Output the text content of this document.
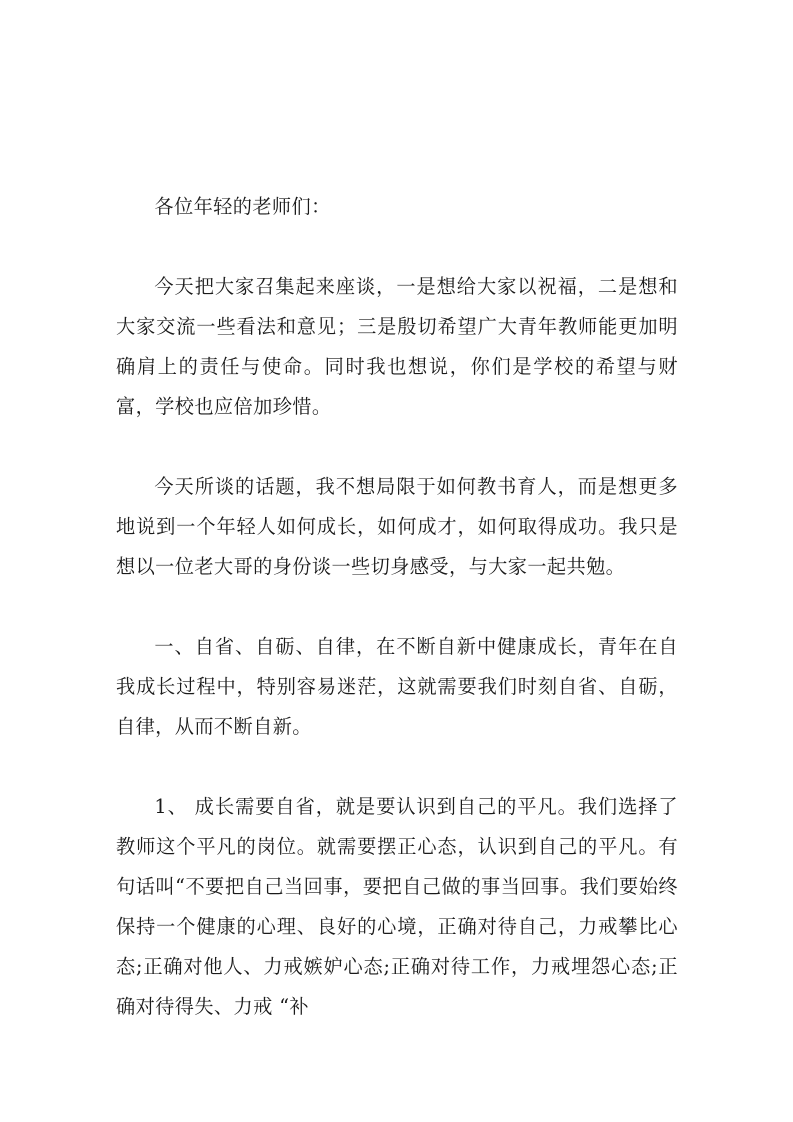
各位年轻的老师们：

今天把大家召集起来座谈，一是想给大家以祝福，二是想和大家交流一些看法和意见；三是殷切希望广大青年教师能更加明确肩上的责任与使命。同时我也想说，你们是学校的希望与财富，学校也应倍加珍惜。

今天所谈的话题，我不想局限于如何教书育人，而是想更多地说到一个年轻人如何成长，如何成才，如何取得成功。我只是想以一位老大哥的身份谈一些切身感受，与大家一起共勉。

一、自省、自砺、自律，在不断自新中健康成长，青年在自我成长过程中，特别容易迷茫，这就需要我们时刻自省、自砺，自律，从而不断自新。

1、 成长需要自省，就是要认识到自己的平凡。我们选择了教师这个平凡的岗位。就需要摆正心态，认识到自己的平凡。有句话叫“不要把自己当回事，要把自己做的事当回事。我们要始终保持一个健康的心理、良好的心境，正确对待自己，力戒攀比心态;正确对他人、力戒嫉妒心态;正确对待工作，力戒埋怨心态;正确对待得失、力戒 “补
